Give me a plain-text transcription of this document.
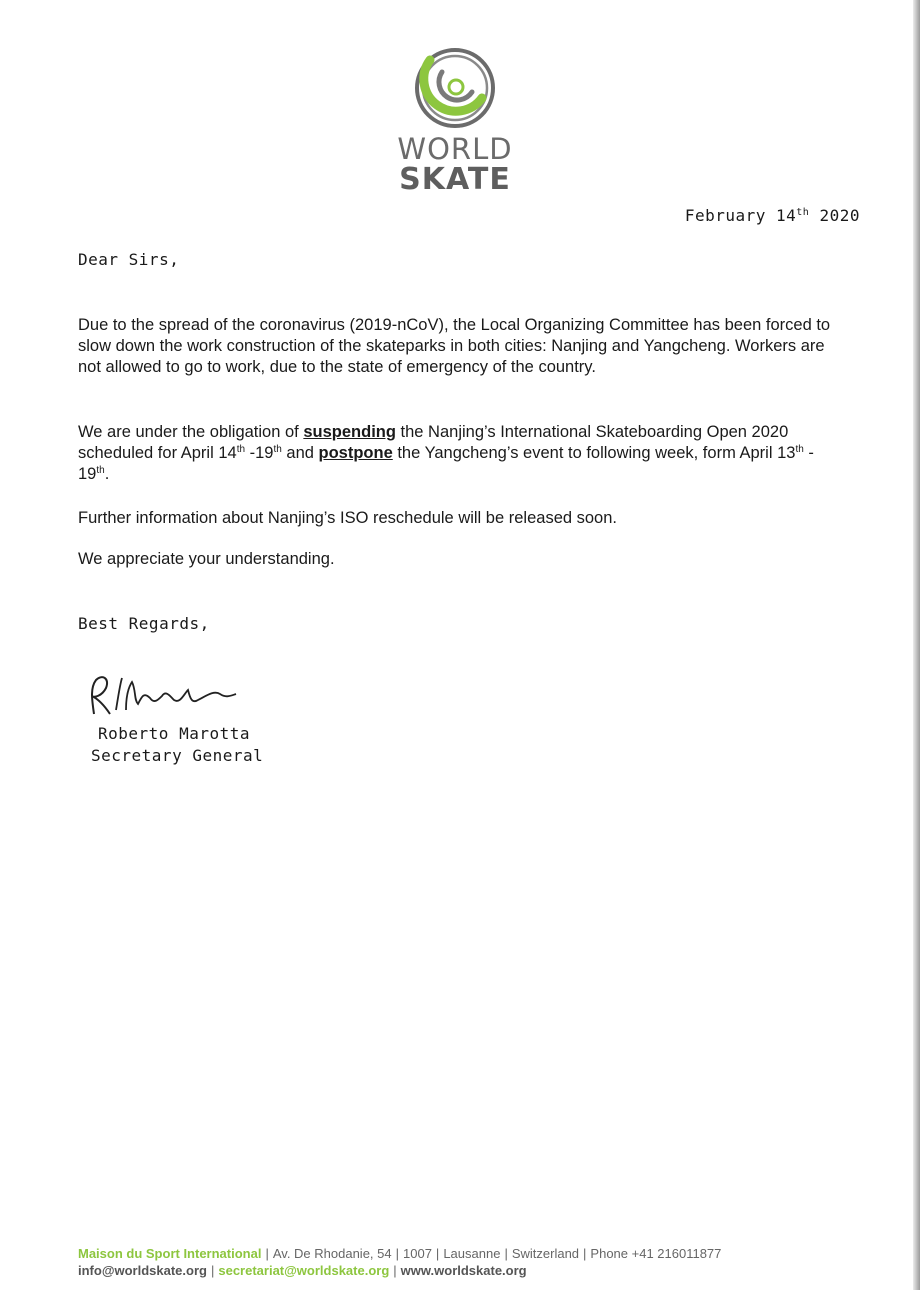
WORLD
SKATE
February 14th 2020
Dear Sirs,
Due to the spread of the coronavirus (2019-nCoV), the Local Organizing Committee has been forced to slow down the work construction of the skateparks in both cities: Nanjing and Yangcheng. Workers are not allowed to go to work, due to the state of emergency of the country.
We are under the obligation of suspending the Nanjing’s International Skateboarding Open 2020 scheduled for April 14th -19th and postpone the Yangcheng’s event to following week, form April 13th - 19th.
Further information about Nanjing’s ISO reschedule will be released soon.
We appreciate your understanding.
Best Regards,
Roberto Marotta
Secretary General
Maison du Sport International | Av. De Rhodanie, 54 | 1007 | Lausanne | Switzerland | Phone +41 216011877
info@worldskate.org | secretariat@worldskate.org | www.worldskate.org
